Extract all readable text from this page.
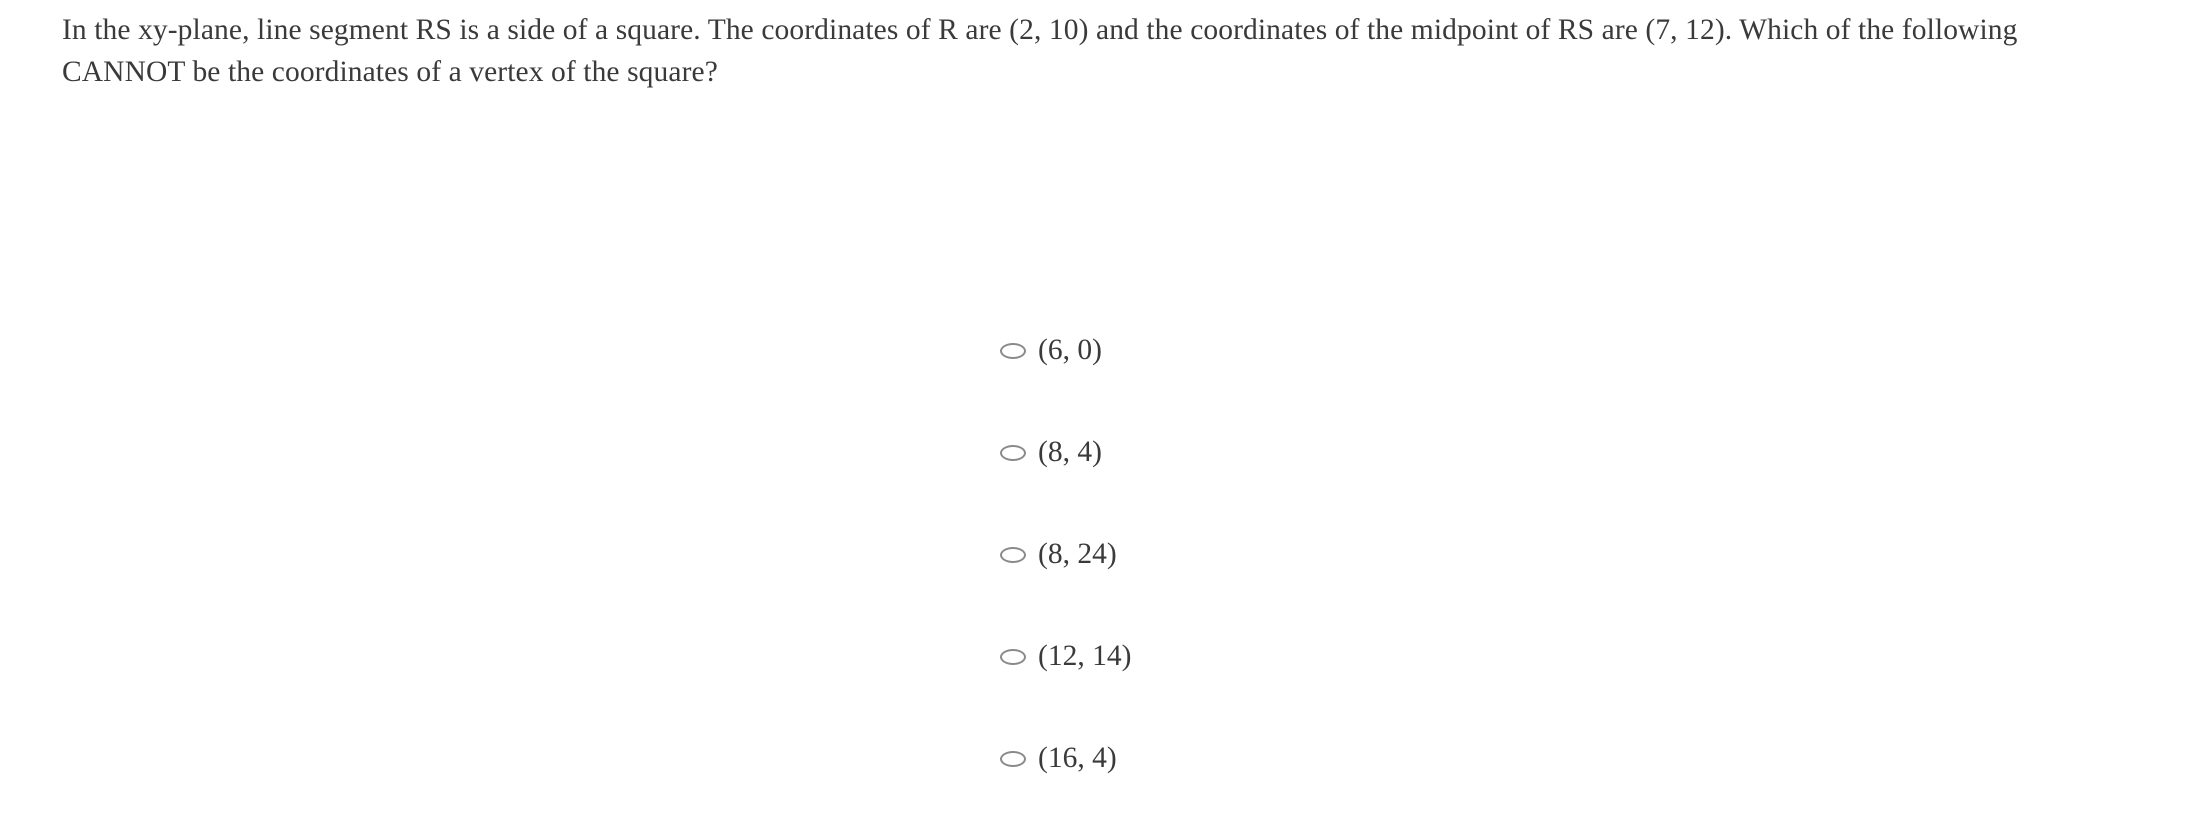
In the xy-plane, line segment RS is a side of a square. The coordinates of R are (2, 10) and the coordinates of the midpoint of RS are (7, 12). Which of the following CANNOT be the coordinates of a vertex of the square?
(6, 0)
(8, 4)
(8, 24)
(12, 14)
(16, 4)
